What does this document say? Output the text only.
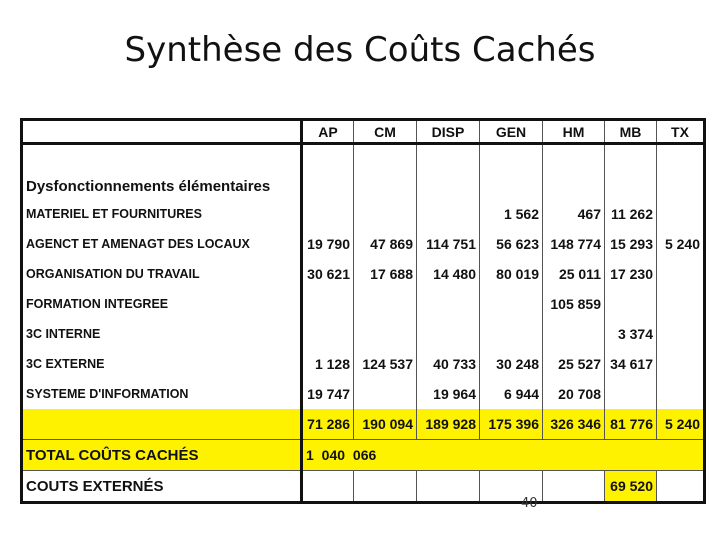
Synthèse des Coûts Cachés
	AP	CM	DISP	GEN	HM	MB	TX
Dysfonctionnements élémentaires							
MATERIEL ET FOURNITURES				1 562	467	11 262	
AGENCT ET AMENAGT DES LOCAUX	19 790	47 869	114 751	56 623	148 774	15 293	5 240
ORGANISATION DU TRAVAIL	30 621	17 688	14 480	80 019	25 011	17 230	
FORMATION INTEGREE					105 859		
3C INTERNE						3 374	
3C EXTERNE	1 128	124 537	40 733	30 248	25 527	34 617	
SYSTEME D'INFORMATION	19 747		19 964	6 944	20 708		
	71 286	190 094	189 928	175 396	326 346	81 776	5 240
TOTAL COÛTS CACHÉS	1 040 066						
COUTS EXTERNÉS						69 520	
40
